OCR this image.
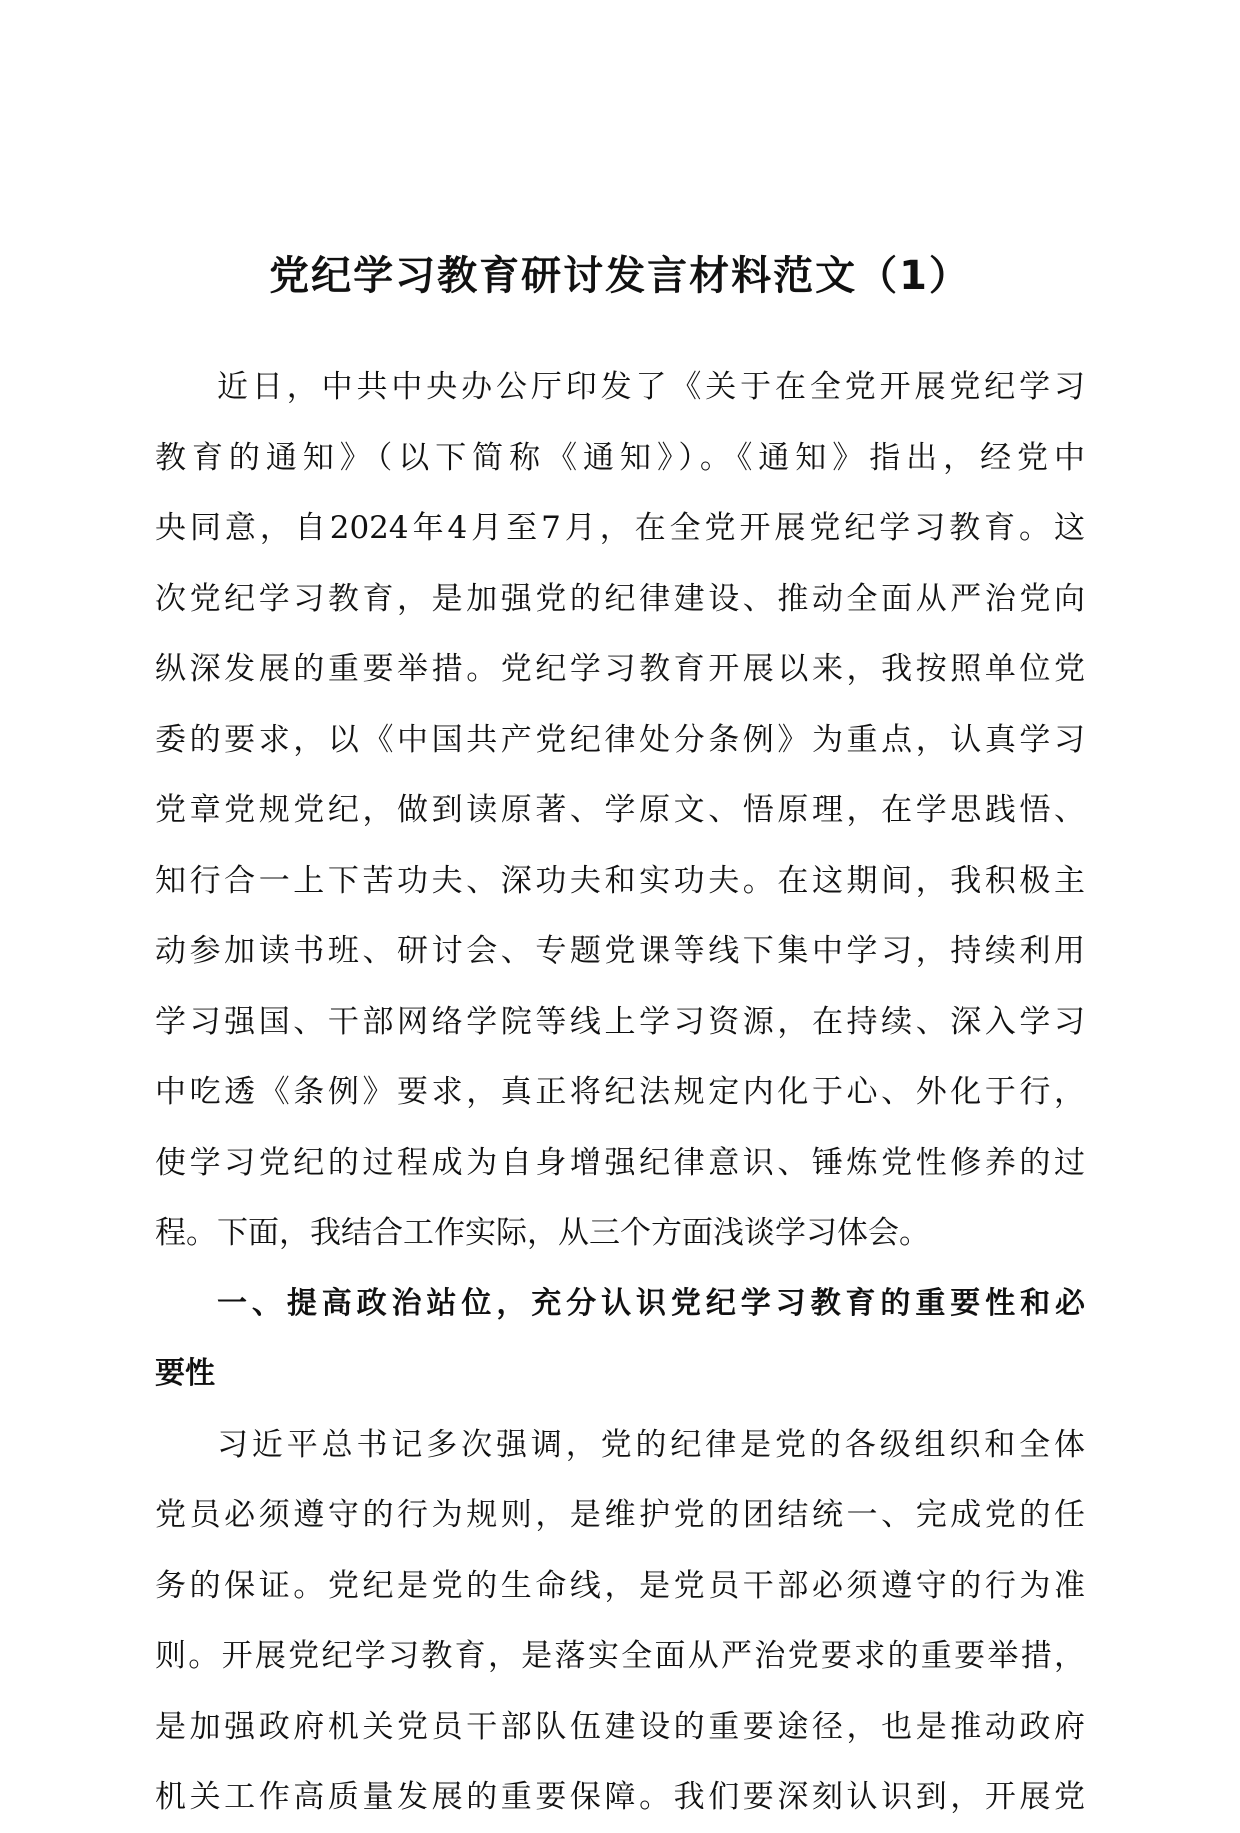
党纪学习教育研讨发言材料范文（1）
近日，中共中央办公厅印发了《关于在全党开展党纪学习
教育的通知》（以下简称《通知》）。《通知》指出，经党中
央同意，自2024年4月至7月，在全党开展党纪学习教育。这
次党纪学习教育，是加强党的纪律建设、推动全面从严治党向
纵深发展的重要举措。党纪学习教育开展以来，我按照单位党
委的要求，以《中国共产党纪律处分条例》为重点，认真学习
党章党规党纪，做到读原著、学原文、悟原理，在学思践悟、
知行合一上下苦功夫、深功夫和实功夫。在这期间，我积极主
动参加读书班、研讨会、专题党课等线下集中学习，持续利用
学习强国、干部网络学院等线上学习资源，在持续、深入学习
中吃透《条例》要求，真正将纪法规定内化于心、外化于行，
使学习党纪的过程成为自身增强纪律意识、锤炼党性修养的过
程。下面，我结合工作实际，从三个方面浅谈学习体会。
一、提高政治站位，充分认识党纪学习教育的重要性和必
要性
习近平总书记多次强调，党的纪律是党的各级组织和全体
党员必须遵守的行为规则，是维护党的团结统一、完成党的任
务的保证。党纪是党的生命线，是党员干部必须遵守的行为准
则。开展党纪学习教育，是落实全面从严治党要求的重要举措，
是加强政府机关党员干部队伍建设的重要途径，也是推动政府
机关工作高质量发展的重要保障。我们要深刻认识到，开展党
